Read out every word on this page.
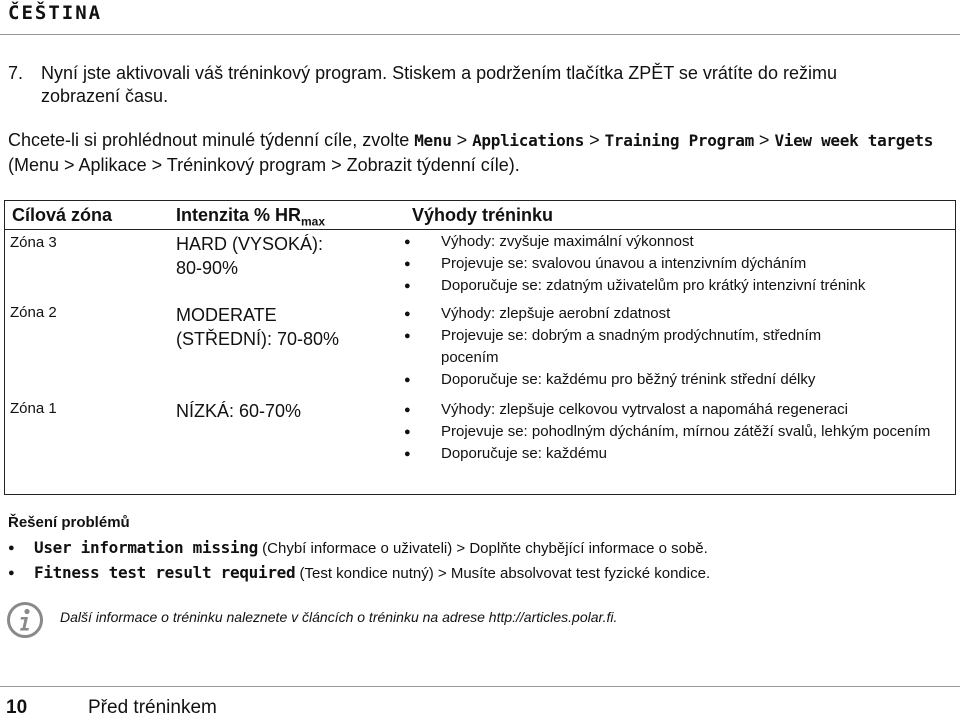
ČEŠTINA
7. Nyní jste aktivovali váš tréninkový program. Stiskem a podržením tlačítka ZPĚT se vrátíte do režimu
zobrazení času.
Chcete-li si prohlédnout minulé týdenní cíle, zvolte Menu > Applications > Training Program > View week targets (Menu > Aplikace > Tréninkový program > Zobrazit týdenní cíle).
Cílová zóna	Intenzita % $HR_{max}$	Výhody tréninku
Zóna 3	HARD (VYSOKÁ):
80-90%
● Výhody: zvyšuje maximální výkonnost
● Projevuje se: svalovou únavou a intenzivním dýcháním
● Doporučuje se: zdatným uživatelům pro krátký intenzivní trénink
Zóna 2	MODERATE
(STŘEDNÍ): 70-80%
● Výhody: zlepšuje aerobní zdatnost
● Projevuje se: dobrým a snadným prodýchnutím, středním pocením
● Doporučuje se: každému pro běžný trénink střední délky
Zóna 1	NÍZKÁ: 60-70%
●	Výhody: zlepšuje celkovou vytrvalost a napomáhá regeneraci
● Projevuje se: pohodlným dýcháním, mírnou zátěží svalů, lehkým pocením
● Doporučuje se: každému
Řešení problémů
● User information missing (Chybí informace o uživateli) > Doplňte chybějící informace o sobě.
● Fitness test result required (Test kondice nutný) > Musíte absolvovat test fyzické kondice.
Další informace o tréninku naleznete v článcích o tréninku na adrese http://articles.polar.fi.
10	Před tréninkem
